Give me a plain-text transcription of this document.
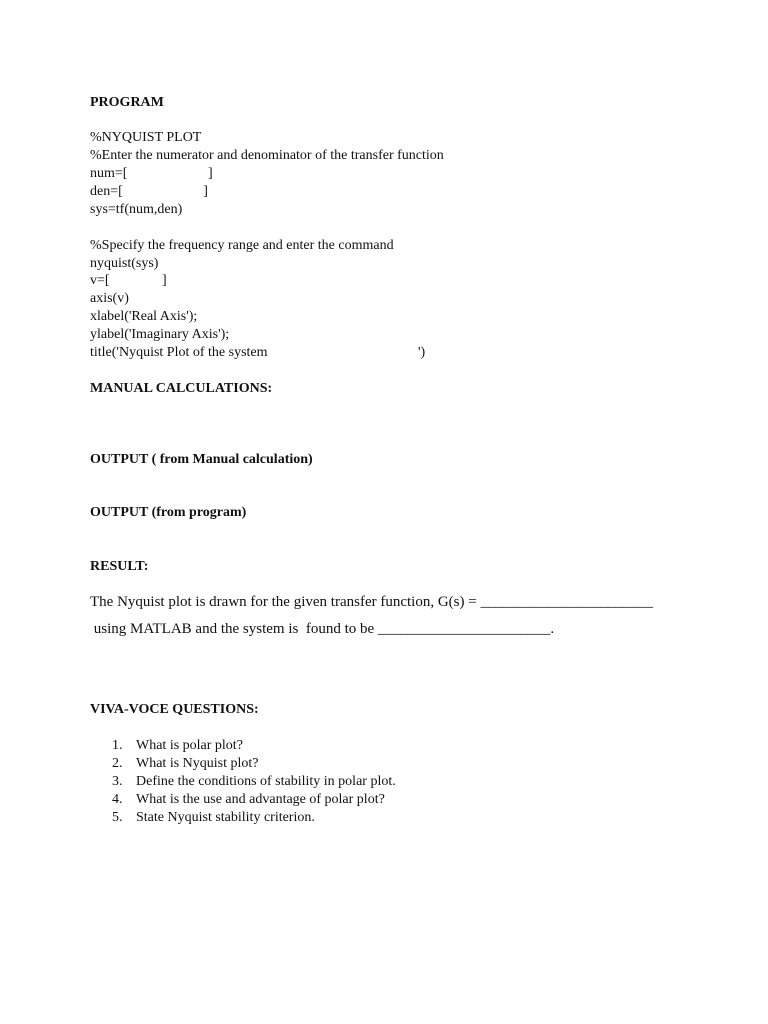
PROGRAM
%NYQUIST PLOT
%Enter the numerator and denominator of the transfer function
num=[                       ]
den=[                       ]
sys=tf(num,den)
%Specify the frequency range and enter the command
nyquist(sys)
v=[               ]
axis(v)
xlabel('Real Axis');
ylabel('Imaginary Axis');
title('Nyquist Plot of the system                                           ')
MANUAL CALCULATIONS:
OUTPUT ( from Manual calculation)
OUTPUT (from program)
RESULT:
The Nyquist plot is drawn for the given transfer function, G(s) = _______________________
using MATLAB and the system is  found to be _______________________.
VIVA-VOCE QUESTIONS:
1. What is polar plot?
2. What is Nyquist plot?
3. Define the conditions of stability in polar plot.
4. What is the use and advantage of polar plot?
5. State Nyquist stability criterion.
